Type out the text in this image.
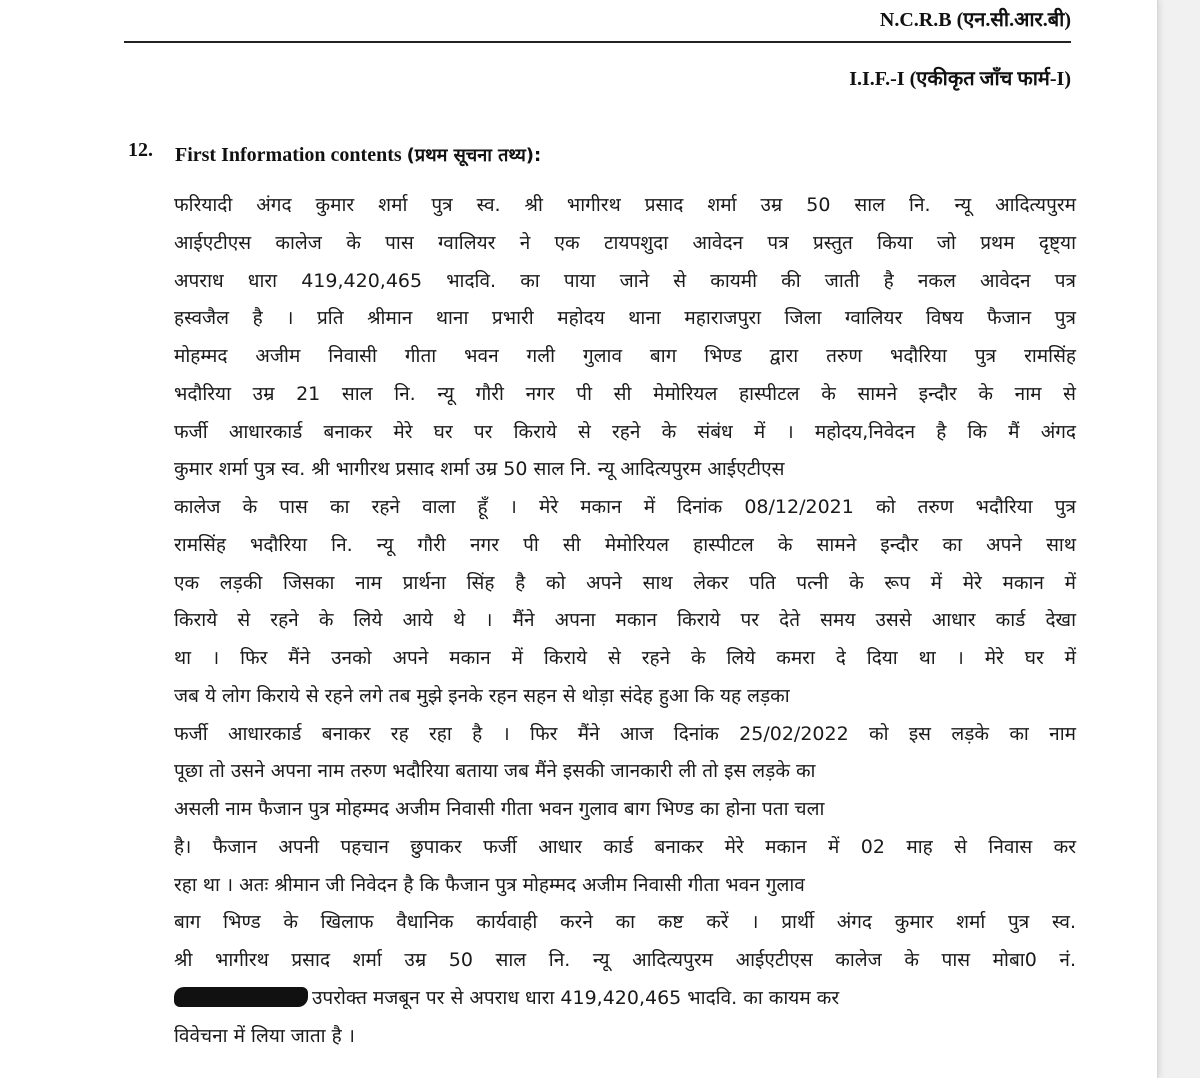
N.C.R.B (एन.सी.आर.बी)
I.I.F.-I (एकीकृत जाँच फार्म-I)
12. First Information contents (प्रथम सूचना तथ्य):
फरियादी अंगद कुमार शर्मा पुत्र स्व. श्री भागीरथ प्रसाद शर्मा उम्र 50 साल नि. न्यू आदित्यपुरम
आईएटीएस कालेज के पास ग्वालियर ने एक टायपशुदा आवेदन पत्र प्रस्तुत किया जो प्रथम दृष्ट्या
अपराध धारा 419,420,465 भादवि. का पाया जाने से कायमी की जाती है नकल आवेदन पत्र
हस्वजैल है । प्रति श्रीमान थाना प्रभारी महोदय थाना महाराजपुरा जिला ग्वालियर विषय फैजान पुत्र
मोहम्मद अजीम निवासी गीता भवन गली गुलाव बाग भिण्ड द्वारा तरुण भदौरिया पुत्र रामसिंह
भदौरिया उम्र 21 साल नि. न्यू गौरी नगर पी सी मेमोरियल हास्पीटल के सामने इन्दौर के नाम से
फर्जी आधारकार्ड बनाकर मेरे घर पर किराये से रहने के संबंध में । महोदय,निवेदन है कि मैं अंगद
कुमार शर्मा पुत्र स्व. श्री भागीरथ प्रसाद शर्मा उम्र 50 साल नि. न्यू आदित्यपुरम आईएटीएस
कालेज के पास का रहने वाला हूँ । मेरे मकान में दिनांक 08/12/2021 को तरुण भदौरिया पुत्र
रामसिंह भदौरिया नि. न्यू गौरी नगर पी सी मेमोरियल हास्पीटल के सामने इन्दौर का अपने साथ
एक लड़की जिसका नाम प्रार्थना सिंह है को अपने साथ लेकर पति पत्नी के रूप में मेरे मकान में
किराये से रहने के लिये आये थे । मैंने अपना मकान किराये पर देते समय उससे आधार कार्ड देखा
था । फिर मैंने उनको अपने मकान में किराये से रहने के लिये कमरा दे दिया था । मेरे घर में
जब ये लोग किराये से रहने लगे तब मुझे इनके रहन सहन से थोड़ा संदेह हुआ कि यह लड़का
फर्जी आधारकार्ड बनाकर रह रहा है । फिर मैंने आज दिनांक 25/02/2022 को इस लड़के का नाम
पूछा तो उसने अपना नाम तरुण भदौरिया बताया जब मैंने इसकी जानकारी ली तो इस लड़के का
असली नाम फैजान पुत्र मोहम्मद अजीम निवासी गीता भवन गुलाव बाग भिण्ड का होना पता चला
है। फैजान अपनी पहचान छुपाकर फर्जी आधार कार्ड बनाकर मेरे मकान में 02 माह से निवास कर
रहा था । अतः श्रीमान जी निवेदन है कि फैजान पुत्र मोहम्मद अजीम निवासी गीता भवन गुलाव
बाग भिण्ड के खिलाफ वैधानिक कार्यवाही करने का कष्ट करें । प्रार्थी अंगद कुमार शर्मा पुत्र स्व.
श्री भागीरथ प्रसाद शर्मा उम्र 50 साल नि. न्यू आदित्यपुरम आईएटीएस कालेज के पास मोबा0 नं.
उपरोक्त मजबून पर से अपराध धारा 419,420,465 भादवि. का कायम कर
विवेचना में लिया जाता है ।
